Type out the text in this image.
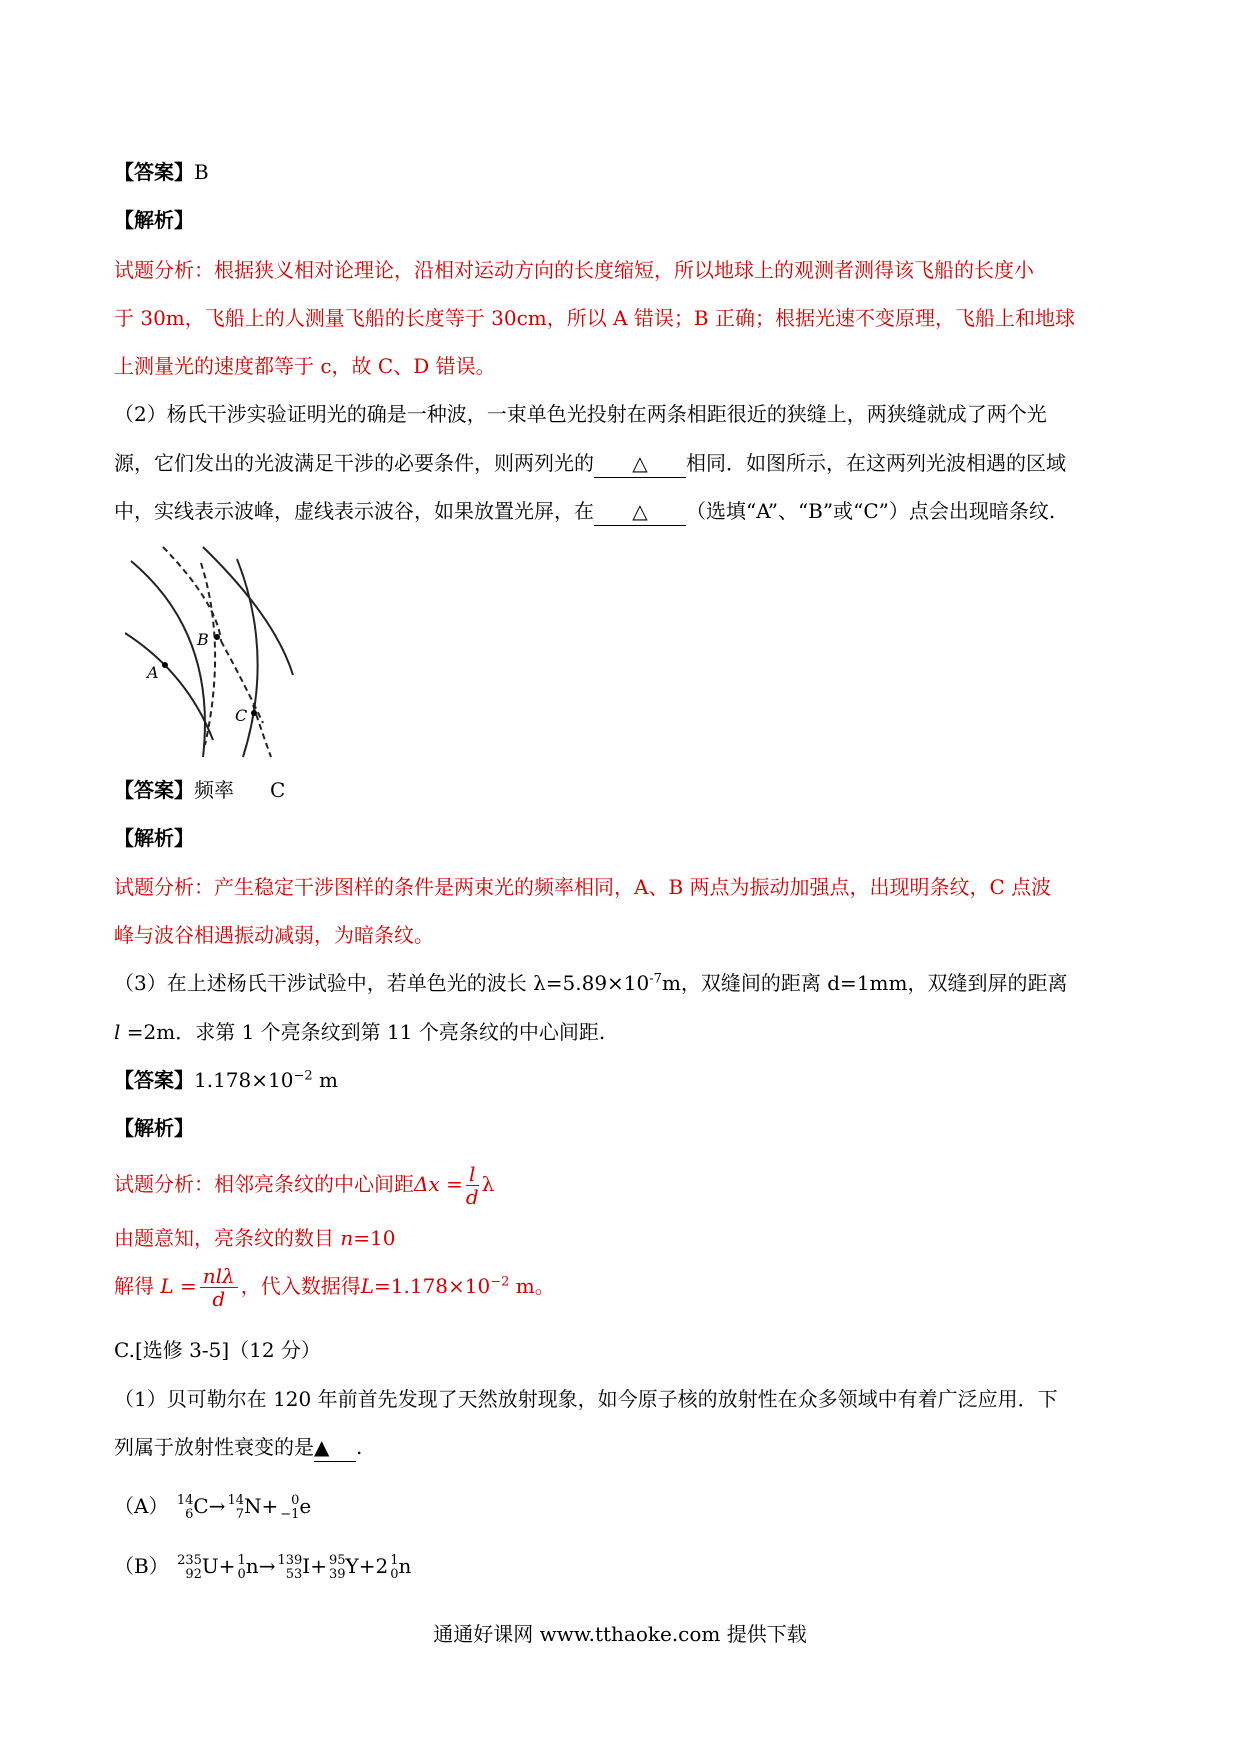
【答案】B
【解析】
试题分析：根据狭义相对论理论，沿相对运动方向的长度缩短，所以地球上的观测者测得该飞船的长度小
于 30m，飞船上的人测量飞船的长度等于 30cm，所以 A 错误；B 正确；根据光速不变原理，飞船上和地球
上测量光的速度都等于 c，故 C、D 错误。
（2）杨氏干涉实验证明光的确是一种波，一束单色光投射在两条相距很近的狭缝上，两狭缝就成了两个光
源，它们发出的光波满足干涉的必要条件，则两列光的 △ 相同．如图所示，在这两列光波相遇的区域
中，实线表示波峰，虚线表示波谷，如果放置光屏，在 △ （选填“A”、“B”或“C”）点会出现暗条纹.
A
B
C
【答案】频率 C
【解析】
试题分析：产生稳定干涉图样的条件是两束光的频率相同，A、B 两点为振动加强点，出现明条纹，C 点波
峰与波谷相遇振动减弱，为暗条纹。
（3）在上述杨氏干涉试验中，若单色光的波长 $\lambda=5.89\times 10^{-7}m$，双缝间的距离 d=1mm，双缝到屏的距离
l =2m．求第 1 个亮条纹到第 11 个亮条纹的中心间距.
【答案】$1.178\times 10^{-2}$ m
【解析】
试题分析：相邻亮条纹的中心间距$\Delta x = \frac{l}{d}$ λ
由题意知，亮条纹的数目 n=10
解得 $L = \frac{\text{nlλ}}{d}$ ，代入数据得$L=1.178\times 10^{-2}$ m。
C.[选修 3-5]（12 分）
（1）贝可勒尔在 120 年前首先发现了天然放射现象，如今原子核的放射性在众多领域中有着广泛应用．下
列属于放射性衰变的是▲ .
（A） 14
6 C→ 14
7 N+ 0
−1 e
（B） 235
92 U+ 1
0 n→ 139
53 I+ 95
39 Y+2 1
0 n
通通好课网 www.tthaoke.com 提供下载
